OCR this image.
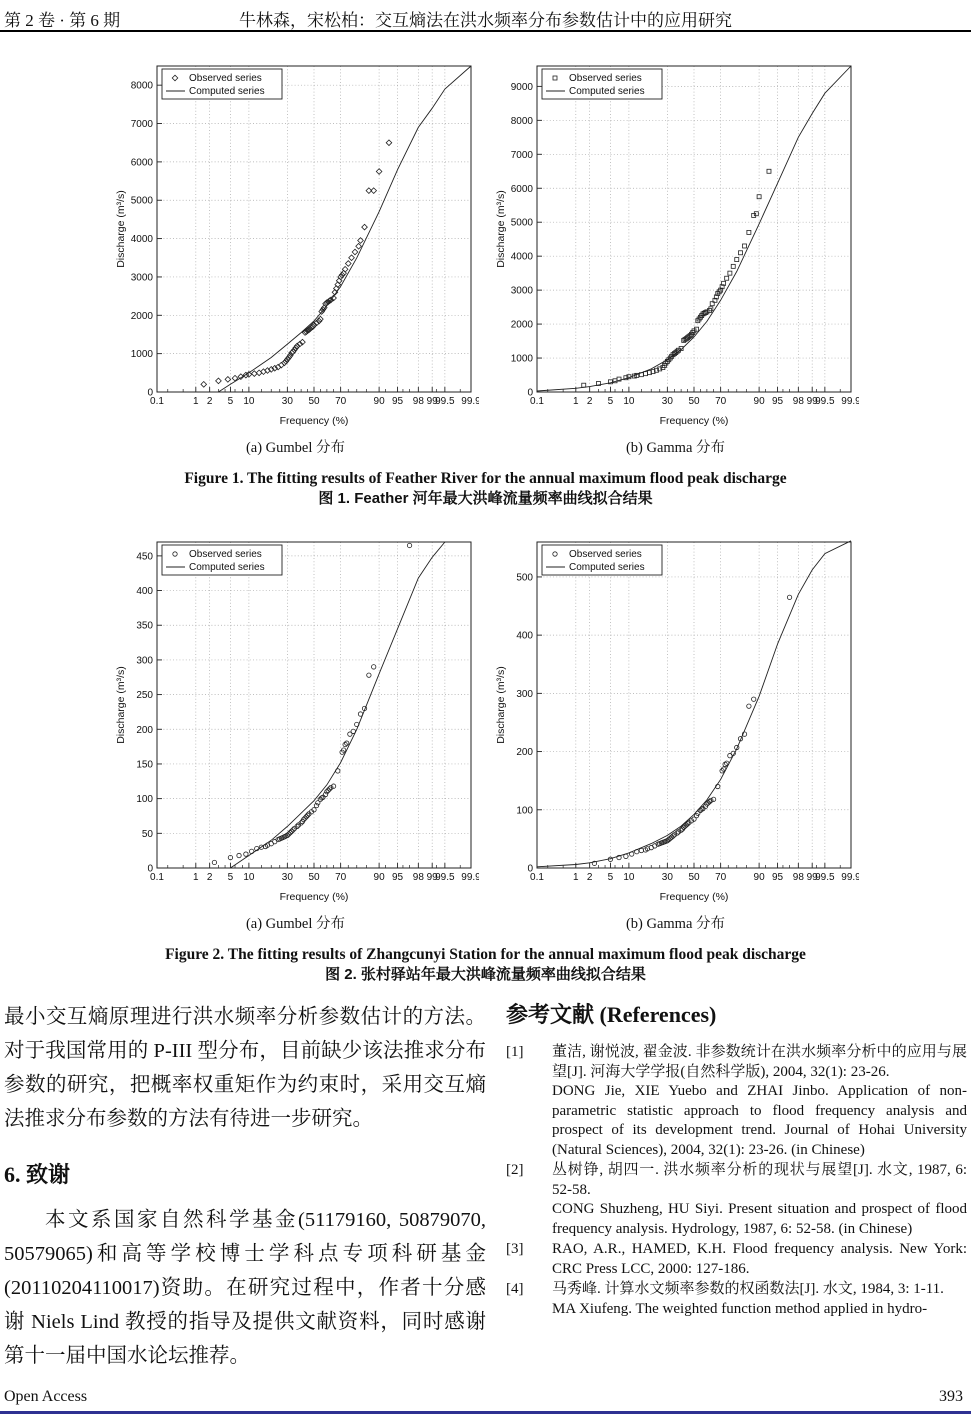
第 2 卷 · 第 6 期	牛林森，宋松柏：交互熵法在洪水频率分布参数估计中的应用研究
0.1	1 2 5 10	30 50 70	90 95 98 99
99.5 99.9
0
1000
2000
3000
4000
5000
6000
7000
8000
Frequency (%)
Discharge (m³/s)
Observed series
Computed series
0.1	1 2 5 10	30 50 70	90 95 98 99
99.5 99.9
0
1000
2000
3000
4000
5000
6000
7000
8000
9000
Frequency (%)
Discharge (m³/s)
Observed series
Computed series
(a) Gumbel 分布	(b) Gamma 分布
Figure 1. The fitting results of Feather River for the annual maximum flood peak discharge
图 1. Feather 河年最大洪峰流量频率曲线拟合结果
0.1	1 2 5 10	30 50 70	90 95 98 99
99.5 99.9
0
50
100
150
200
250
300
350
400
450
Frequency (%)
Discharge (m³/s)
Observed series
Computed series
0.1	1 2 5 10	30 50 70	90 95 98 99
99.5 99.9
0
100
200
300
400
500
Frequency (%)
Discharge (m³/s)
Observed series
Computed series
(a) Gumbel 分布	(b) Gamma 分布
Figure 2. The fitting results of Zhangcunyi Station for the annual maximum flood peak discharge
图 2. 张村驿站年最大洪峰流量频率曲线拟合结果
最小交互熵原理进行洪水频率分析参数估计的方法。对于我国常用的 P-III 型分布，目前缺少该法推求分布参数的研究，把概率权重矩作为约束时，采用交互熵法推求分布参数的方法有待进一步研究。
6. 致谢
本文系国家自然科学基金(51179160, 50879070, 50579065)和高等学校博士学科点专项科研基金(20110204110017)资助。在研究过程中，作者十分感谢 Niels Lind 教授的指导及提供文献资料，同时感谢第十一届中国水论坛推荐。
参考文献 (References)
[1]	董洁, 谢悦波, 翟金波. 非参数统计在洪水频率分析中的应用与展望[J]. 河海大学学报(自然科学版), 2004, 32(1): 23-26.
DONG Jie, XIE Yuebo and ZHAI Jinbo. Application of non-parametric statistic approach to flood frequency analysis and prospect of its development trend. Journal of Hohai University (Natural Sciences), 2004, 32(1): 23-26. (in Chinese)
[2]	丛树铮, 胡四一. 洪水频率分析的现状与展望[J]. 水文, 1987, 6: 52-58.
CONG Shuzheng, HU Siyi. Present situation and prospect of flood frequency analysis. Hydrology, 1987, 6: 52-58. (in Chinese)
[3]	RAO, A.R., HAMED, K.H. Flood frequency analysis. New York: CRC Press LCC, 2000: 127-186.
[4]	马秀峰. 计算水文频率参数的权函数法[J]. 水文, 1984, 3: 1-11.
MA Xiufeng. The weighted function method applied in hydro-
Open Access	393
